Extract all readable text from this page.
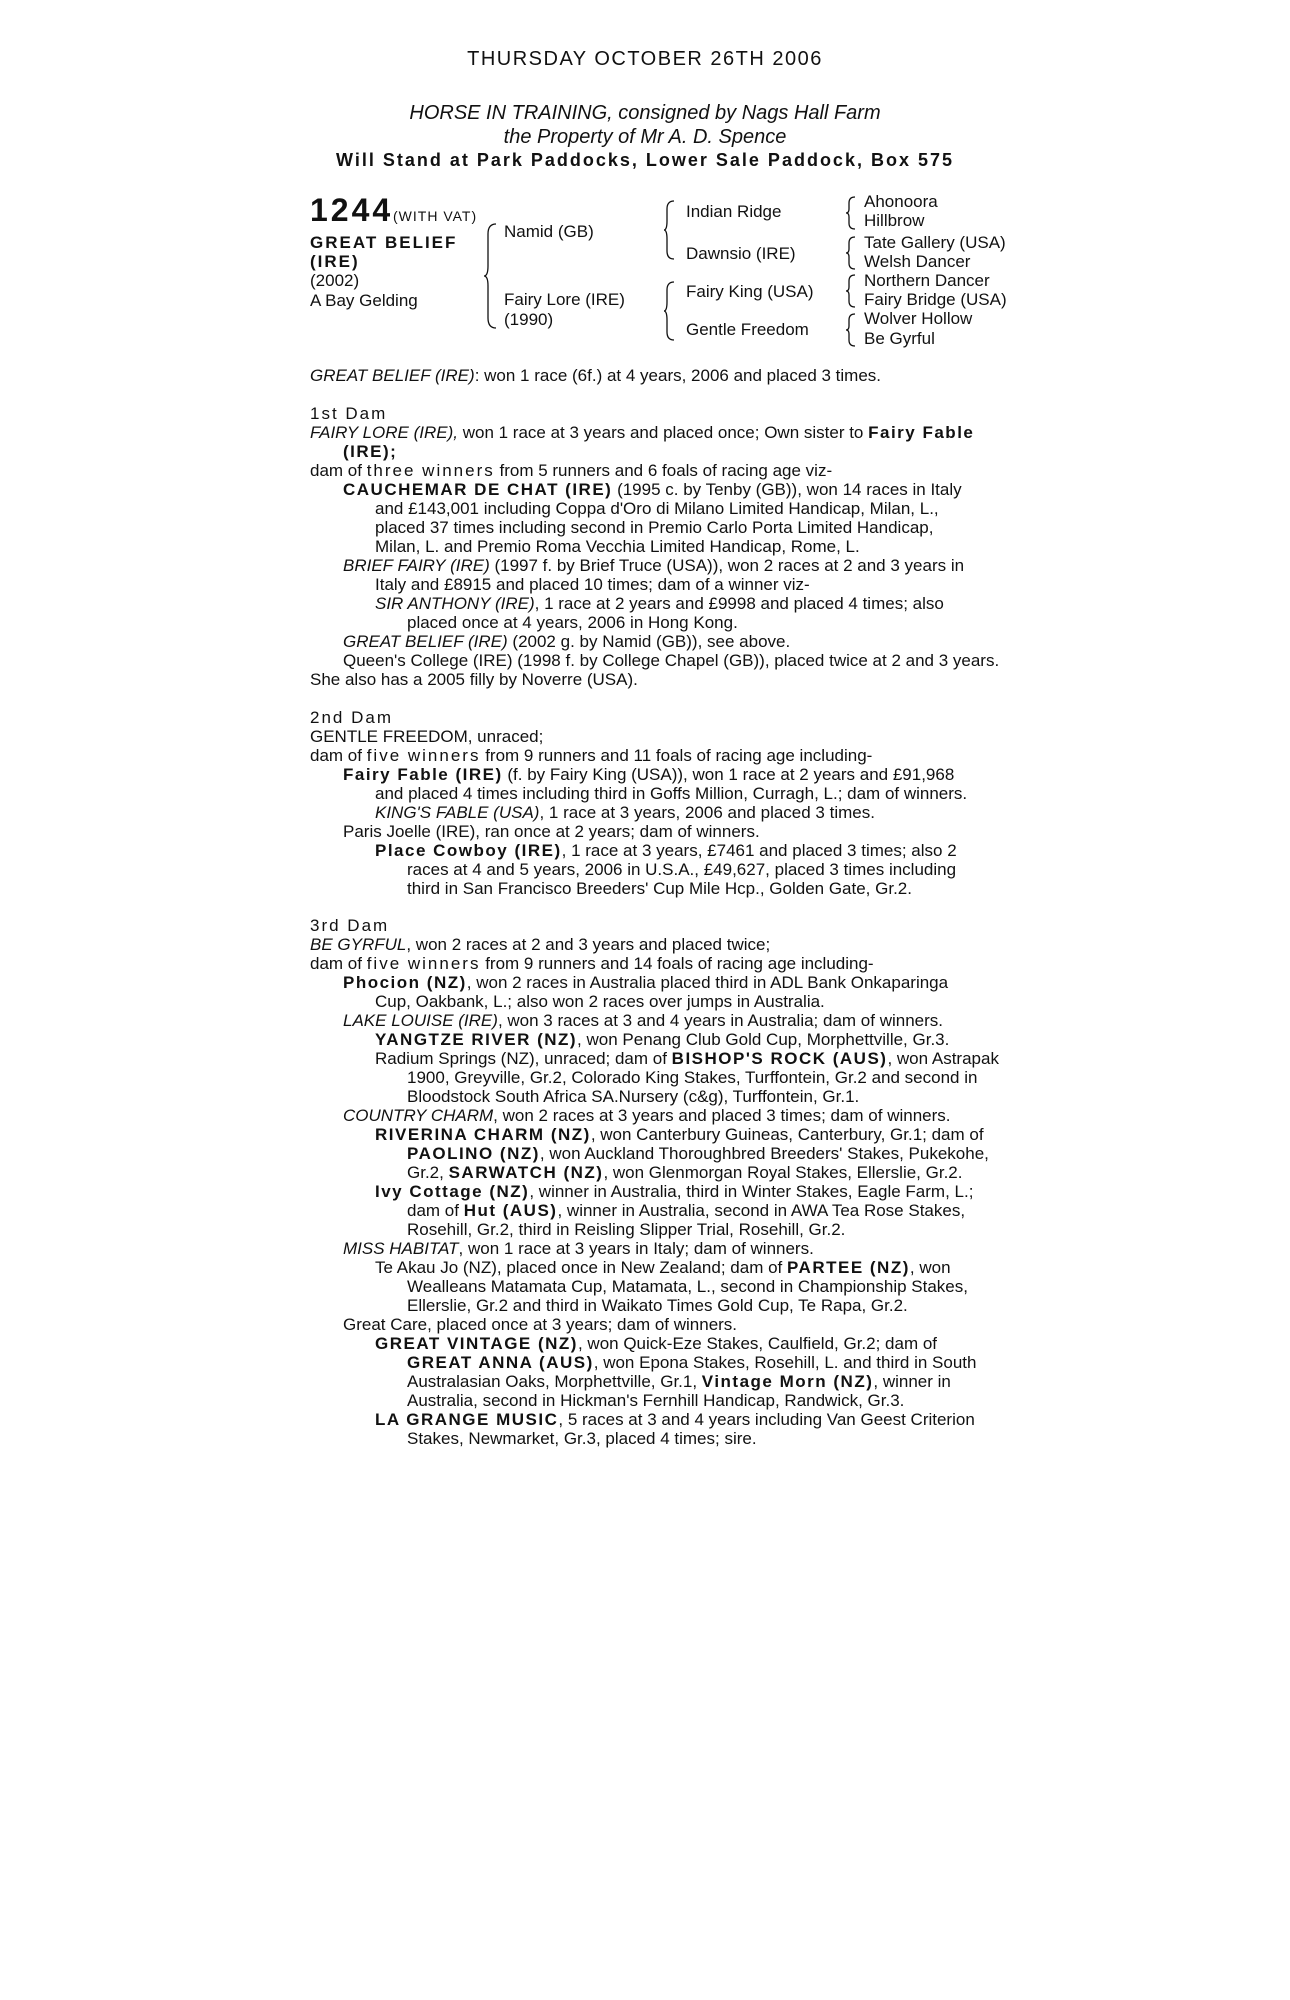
THURSDAY OCTOBER 26TH 2006
HORSE IN TRAINING, consigned by Nags Hall Farm
the Property of Mr A. D. Spence
Will Stand at Park Paddocks, Lower Sale Paddock, Box 575
1244 (WITH VAT)
GREAT BELIEF (IRE)
(2002)
A Bay Gelding
Namid (GB)
Fairy Lore (IRE)
(1990)
Indian Ridge
Dawnsio (IRE)
Fairy King (USA)
Gentle Freedom
Ahonoora
Hillbrow
Tate Gallery (USA)
Welsh Dancer
Northern Dancer
Fairy Bridge (USA)
Wolver Hollow
Be Gyrful
GREAT BELIEF (IRE): won 1 race (6f.) at 4 years, 2006 and placed 3 times.
1st Dam
FAIRY LORE (IRE), won 1 race at 3 years and placed once; Own sister to Fairy Fable
(IRE);
dam of three winners from 5 runners and 6 foals of racing age viz-
CAUCHEMAR DE CHAT (IRE) (1995 c. by Tenby (GB)), won 14 races in Italy
and £143,001 including Coppa d'Oro di Milano Limited Handicap, Milan, L.,
placed 37 times including second in Premio Carlo Porta Limited Handicap,
Milan, L. and Premio Roma Vecchia Limited Handicap, Rome, L.
BRIEF FAIRY (IRE) (1997 f. by Brief Truce (USA)), won 2 races at 2 and 3 years in
Italy and £8915 and placed 10 times; dam of a winner viz-
SIR ANTHONY (IRE), 1 race at 2 years and £9998 and placed 4 times; also
placed once at 4 years, 2006 in Hong Kong.
GREAT BELIEF (IRE) (2002 g. by Namid (GB)), see above.
Queen's College (IRE) (1998 f. by College Chapel (GB)), placed twice at 2 and 3 years.
She also has a 2005 filly by Noverre (USA).
2nd Dam
GENTLE FREEDOM, unraced;
dam of five winners from 9 runners and 11 foals of racing age including-
Fairy Fable (IRE) (f. by Fairy King (USA)), won 1 race at 2 years and £91,968
and placed 4 times including third in Goffs Million, Curragh, L.; dam of winners.
KING'S FABLE (USA), 1 race at 3 years, 2006 and placed 3 times.
Paris Joelle (IRE), ran once at 2 years; dam of winners.
Place Cowboy (IRE), 1 race at 3 years, £7461 and placed 3 times; also 2
races at 4 and 5 years, 2006 in U.S.A., £49,627, placed 3 times including
third in San Francisco Breeders' Cup Mile Hcp., Golden Gate, Gr.2.
3rd Dam
BE GYRFUL, won 2 races at 2 and 3 years and placed twice;
dam of five winners from 9 runners and 14 foals of racing age including-
Phocion (NZ), won 2 races in Australia placed third in ADL Bank Onkaparinga
Cup, Oakbank, L.; also won 2 races over jumps in Australia.
LAKE LOUISE (IRE), won 3 races at 3 and 4 years in Australia; dam of winners.
YANGTZE RIVER (NZ), won Penang Club Gold Cup, Morphettville, Gr.3.
Radium Springs (NZ), unraced; dam of BISHOP'S ROCK (AUS), won Astrapak
1900, Greyville, Gr.2, Colorado King Stakes, Turffontein, Gr.2 and second in
Bloodstock South Africa SA.Nursery (c&g), Turffontein, Gr.1.
COUNTRY CHARM, won 2 races at 3 years and placed 3 times; dam of winners.
RIVERINA CHARM (NZ), won Canterbury Guineas, Canterbury, Gr.1; dam of
PAOLINO (NZ), won Auckland Thoroughbred Breeders' Stakes, Pukekohe,
Gr.2, SARWATCH (NZ), won Glenmorgan Royal Stakes, Ellerslie, Gr.2.
Ivy Cottage (NZ), winner in Australia, third in Winter Stakes, Eagle Farm, L.;
dam of Hut (AUS), winner in Australia, second in AWA Tea Rose Stakes,
Rosehill, Gr.2, third in Reisling Slipper Trial, Rosehill, Gr.2.
MISS HABITAT, won 1 race at 3 years in Italy; dam of winners.
Te Akau Jo (NZ), placed once in New Zealand; dam of PARTEE (NZ), won
Wealleans Matamata Cup, Matamata, L., second in Championship Stakes,
Ellerslie, Gr.2 and third in Waikato Times Gold Cup, Te Rapa, Gr.2.
Great Care, placed once at 3 years; dam of winners.
GREAT VINTAGE (NZ), won Quick-Eze Stakes, Caulfield, Gr.2; dam of
GREAT ANNA (AUS), won Epona Stakes, Rosehill, L. and third in South
Australasian Oaks, Morphettville, Gr.1, Vintage Morn (NZ), winner in
Australia, second in Hickman's Fernhill Handicap, Randwick, Gr.3.
LA GRANGE MUSIC, 5 races at 3 and 4 years including Van Geest Criterion
Stakes, Newmarket, Gr.3, placed 4 times; sire.
